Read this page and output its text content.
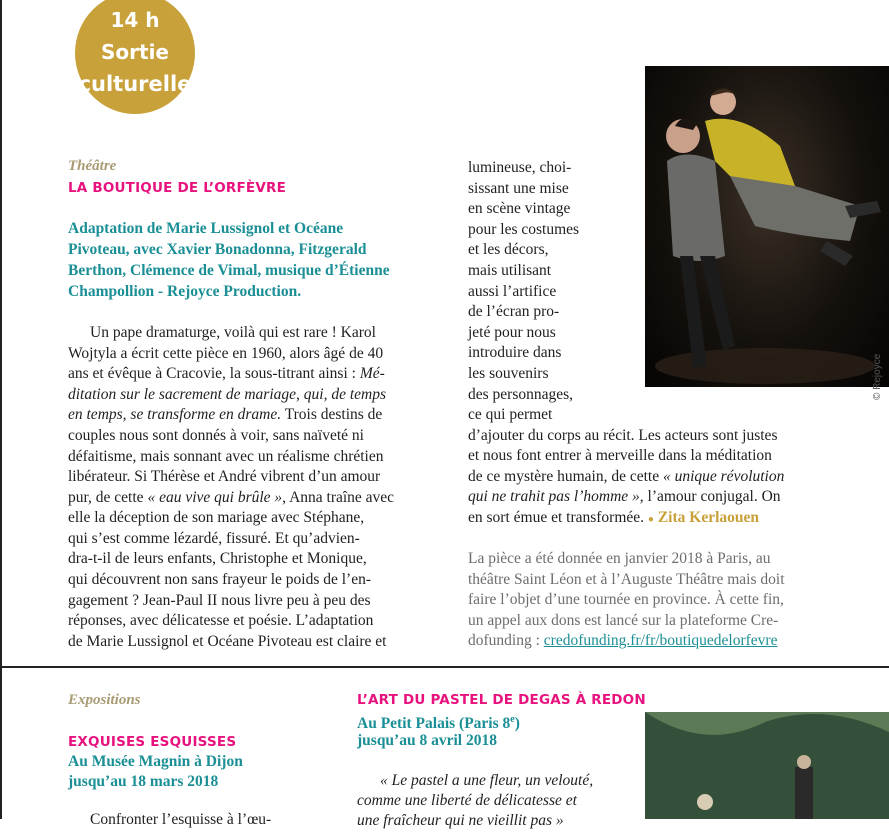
14 h
Sortie
culturelle
Théâtre
LA BOUTIQUE DE L’ORFÈVRE
Adaptation de Marie Lussignol et Océane
Pivoteau, avec Xavier Bonadonna, Fitzgerald
Berthon, Clémence de Vimal, musique d’Étienne
Champollion - Rejoyce Production.
Un pape dramaturge, voilà qui est rare ! Karol
Wojtyla a écrit cette pièce en 1960, alors âgé de 40
ans et évêque à Cracovie, la sous-titrant ainsi : Mé-
ditation sur le sacrement de mariage, qui, de temps
en temps, se transforme en drame. Trois destins de
couples nous sont donnés à voir, sans naïveté ni
défaitisme, mais sonnant avec un réalisme chrétien
libérateur. Si Thérèse et André vibrent d’un amour
pur, de cette « eau vive qui brûle », Anna traîne avec
elle la déception de son mariage avec Stéphane,
qui s’est comme lézardé, fissuré. Et qu’advien-
dra-t-il de leurs enfants, Christophe et Monique,
qui découvrent non sans frayeur le poids de l’en-
gagement ? Jean-Paul II nous livre peu à peu des
réponses, avec délicatesse et poésie. L’adaptation
de Marie Lussignol et Océane Pivoteau est claire et
lumineuse, choi-
sissant une mise
en scène vintage
pour les costumes
et les décors,
mais utilisant
aussi l’artifice
de l’écran pro-
jeté pour nous
introduire dans
les souvenirs
des personnages,
ce qui permet
© Rejoyce
d’ajouter du corps au récit. Les acteurs sont justes
et nous font entrer à merveille dans la méditation
de ce mystère humain, de cette « unique révolution
qui ne trahit pas l’homme », l’amour conjugal. On
en sort émue et transformée. ● Zita Kerlaouen
La pièce a été donnée en janvier 2018 à Paris, au
théâtre Saint Léon et à l’Auguste Théâtre mais doit
faire l’objet d’une tournée en province. À cette fin,
un appel aux dons est lancé sur la plateforme Cre-
dofunding : credofunding.fr/fr/boutiquedelorfevre
Expositions
EXQUISES ESQUISSES
Au Musée Magnin à Dijon
jusqu’au 18 mars 2018
Confronter l’esquisse à l’œu-
L’ART DU PASTEL DE DEGAS À REDON
Au Petit Palais (Paris 8e)
jusqu’au 8 avril 2018
« Le pastel a une fleur, un velouté,
comme une liberté de délicatesse et
une fraîcheur qui ne vieillit pas »
